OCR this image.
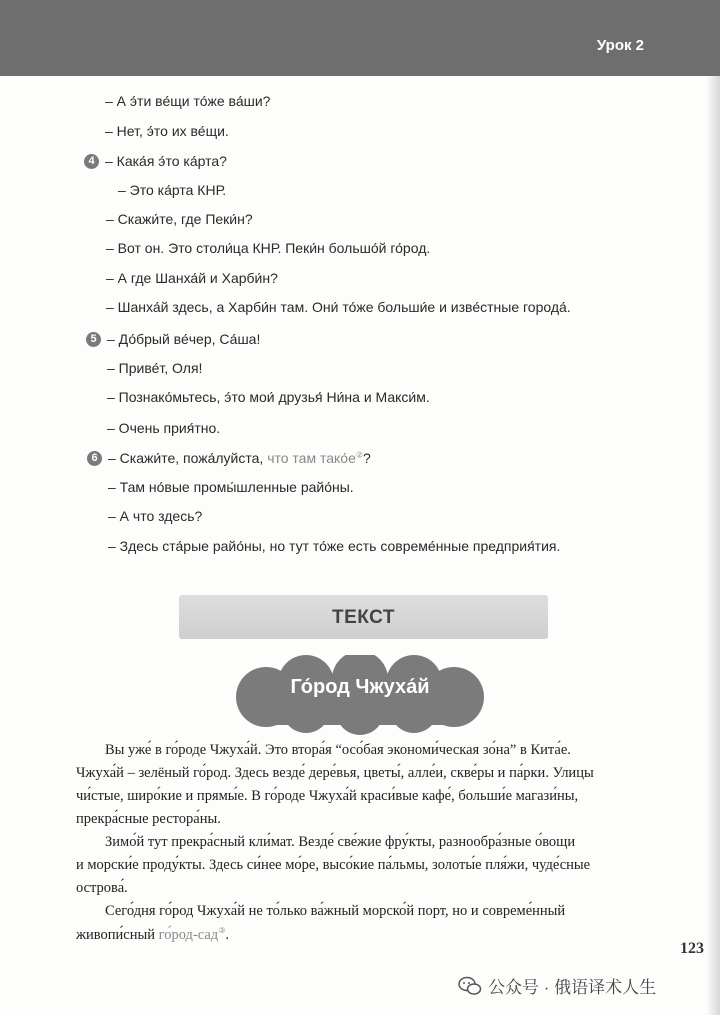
Урок 2
– А э́ти ве́щи то́же ва́ши?
– Нет, э́то их ве́щи.
4 – Кака́я э́то ка́рта?
– Это ка́рта КНР.
– Скажи́те, где Пеки́н?
– Вот он. Это столи́ца КНР. Пеки́н большо́й го́род.
– А где Шанха́й и Харби́н?
– Шанха́й здесь, а Харби́н там. Они́ то́же больши́е и изве́стные города́.
5 – До́брый ве́чер, Са́ша!
– Приве́т, Оля!
– Познако́мьтесь, э́то мои́ друзья́ Ни́на и Макси́м.
– Очень прия́тно.
6 – Скажи́те, пожа́луйста, что там тако́е②?
– Там но́вые промы́шленные райо́ны.
– А что здесь?
– Здесь ста́рые райо́ны, но тут то́же есть совреме́нные предприя́тия.
ТЕКСТ
Го́род Чжуха́й
Вы уже́ в го́роде Чжуха́й. Это втора́я “осо́бая экономи́ческая зо́на” в Кита́е.
Чжуха́й – зелёный го́род. Здесь везде́ дере́вья, цветы́, алле́и, скве́ры и па́рки. Улицы
чи́стые, широ́кие и прямы́е. В го́роде Чжуха́й краси́вые кафе́, больши́е магази́ны,
прекра́сные рестора́ны.
Зимо́й тут прекра́сный кли́мат. Везде́ све́жие фру́кты, разнообра́зные о́вощи
и морски́е проду́кты. Здесь си́нее мо́ре, высо́кие па́льмы, золоты́е пля́жи, чуде́сные
острова́.
Сего́дня го́род Чжуха́й не то́лько ва́жный морско́й порт, но и совреме́нный
живопи́сный го́род-сад③.
123
公众号 · 俄语译术人生
